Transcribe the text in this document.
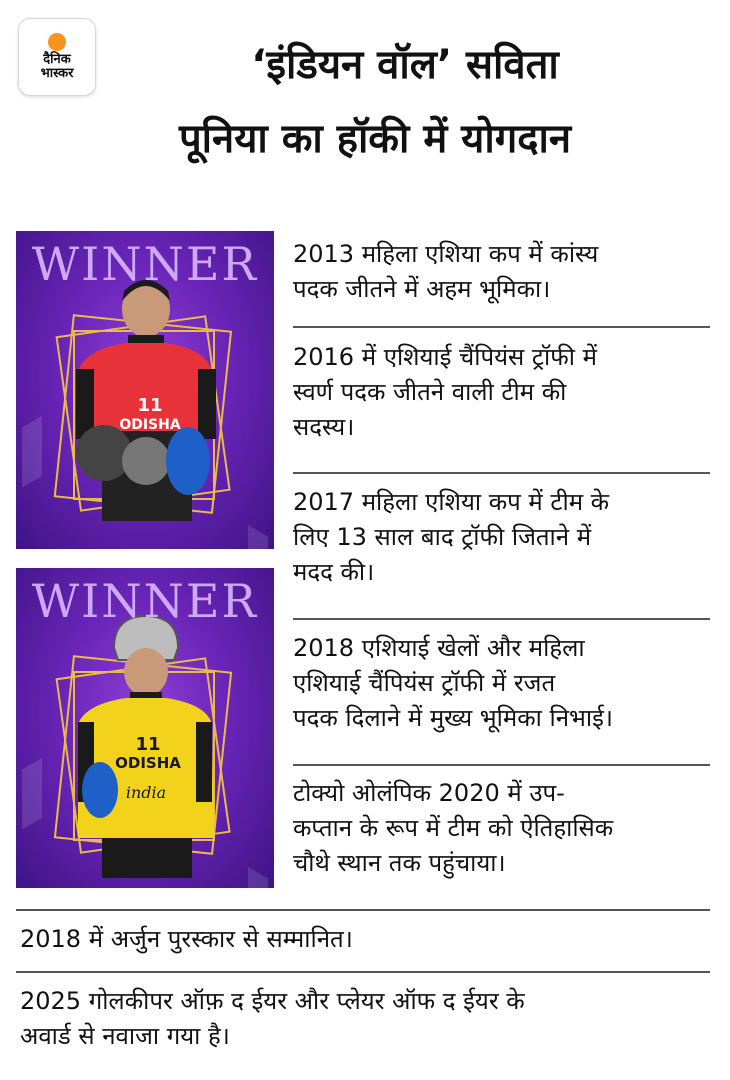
दैनिक
भास्कर	‘इंडियन वॉल’ सविता
पूनिया का हॉकी में योगदान
11
ODISHA
WINNER
11
ODISHA
india
WINNER
2013 महिला एशिया कप में कांस्य
पदक जीतने में अहम भूमिका।
2016 में एशियाई चैंपियंस ट्रॉफी में
स्वर्ण पदक जीतने वाली टीम की
सदस्य।
2017 महिला एशिया कप में टीम के
लिए 13 साल बाद ट्रॉफी जिताने में
मदद की।
2018 एशियाई खेलों और महिला
एशियाई चैंपियंस ट्रॉफी में रजत
पदक दिलाने में मुख्य भूमिका निभाई।
टोक्यो ओलंपिक 2020 में उप-
कप्तान के रूप में टीम को ऐतिहासिक
चौथे स्थान तक पहुंचाया।
2018 में अर्जुन पुरस्कार से सम्मानित।
2025 गोलकीपर ऑफ़ द ईयर और प्लेयर ऑफ द ईयर के
अवार्ड से नवाजा गया है।
